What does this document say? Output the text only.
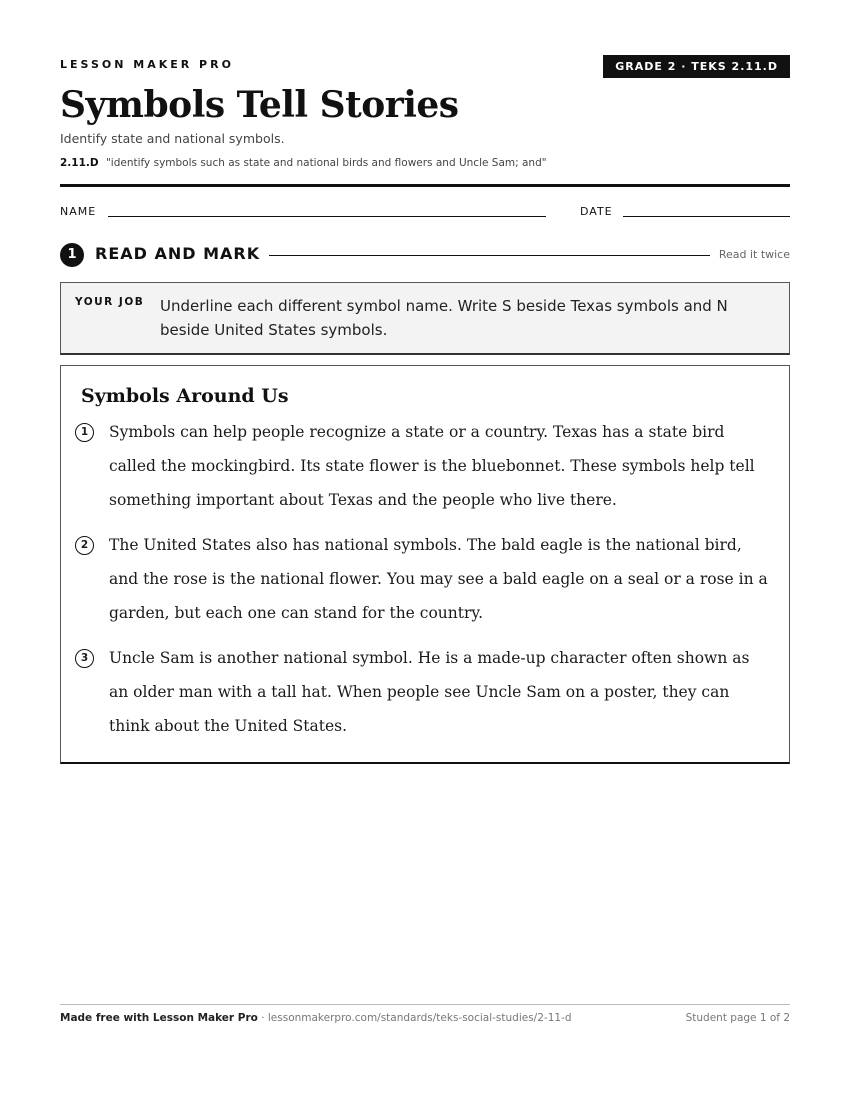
LESSON MAKER PRO	GRADE 2 · TEKS 2.11.D
Symbols Tell Stories
Identify state and national symbols.
2.11.D "identify symbols such as state and national birds and flowers and Uncle Sam; and"
NAME	DATE
1	READ AND MARK	Read it twice
YOUR JOB Underline each different symbol name. Write S beside Texas symbols and N beside United States symbols.
Symbols Around Us
1	Symbols can help people recognize a state or a country. Texas has a state bird called the mockingbird. Its state flower is the bluebonnet. These symbols help tell something important about Texas and the people who live there.
2	The United States also has national symbols. The bald eagle is the national bird, and the rose is the national flower. You may see a bald eagle on a seal or a rose in a garden, but each one can stand for the country.
3	Uncle Sam is another national symbol. He is a made-up character often shown as an older man with a tall hat. When people see Uncle Sam on a poster, they can think about the United States.
Made free with Lesson Maker Pro · lessonmakerpro.com/standards/teks-social-studies/2-11-d	Student page 1 of 2
